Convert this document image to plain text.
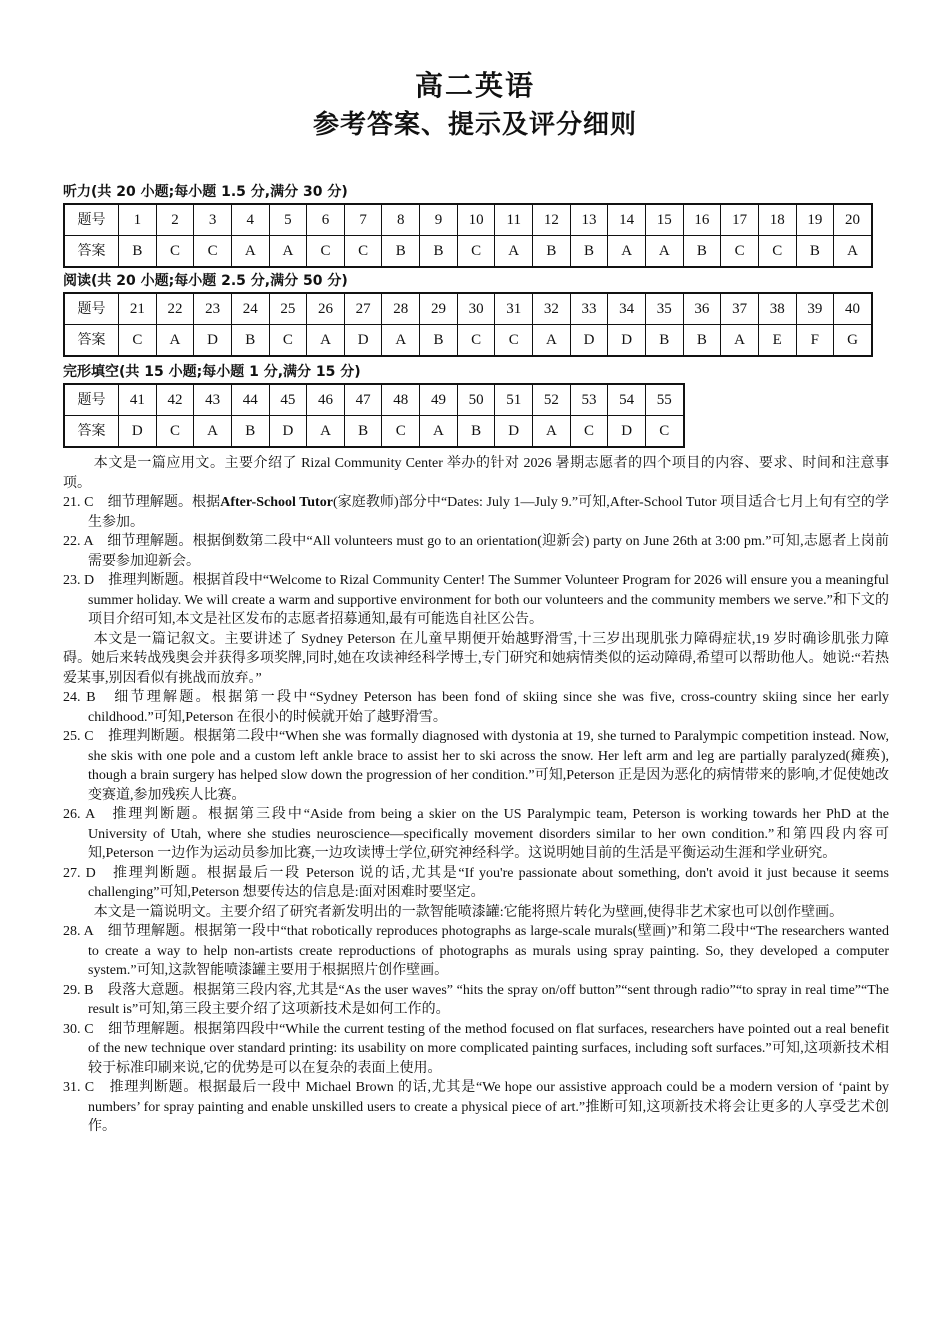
高二英语
参考答案、提示及评分细则
听力(共 20 小题;每小题 1.5 分,满分 30 分)
题号	1	2	3	4	5	6	7	8	9	10	11	12	13	14	15	16	17	18	19	20
答案	B	C	C	A	A	C	C	B	B	C	A	B	B	A	A	B	C	C	B	A
阅读(共 20 小题;每小题 2.5 分,满分 50 分)
题号	21	22	23	24	25	26	27	28	29	30	31	32	33	34	35	36	37	38	39	40
答案	C	A	D	B	C	A	D	A	B	C	C	A	D	D	B	B	A	E	F	G
完形填空(共 15 小题;每小题 1 分,满分 15 分)
题号	41	42	43	44	45	46	47	48	49	50	51	52	53	54	55
答案	D	C	A	B	D	A	B	C	A	B	D	A	C	D	C
本文是一篇应用文。主要介绍了 Rizal Community Center 举办的针对 2026 暑期志愿者的四个项目的内容、要求、时间和注意事项。
21. C　细节理解题。根据After-School Tutor(家庭教师)部分中“Dates: July 1—July 9.”可知,After-School Tutor 项目适合七月上旬有空的学生参加。
22. A　细节理解题。根据倒数第二段中“All volunteers must go to an orientation(迎新会) party on June 26th at 3:00 pm.”可知,志愿者上岗前需要参加迎新会。
23. D　推理判断题。根据首段中“Welcome to Rizal Community Center! The Summer Volunteer Program for 2026 will ensure you a meaningful summer holiday. We will create a warm and supportive environment for both our volunteers and the community members we serve.”和下文的项目介绍可知,本文是社区发布的志愿者招募通知,最有可能选自社区公告。
本文是一篇记叙文。主要讲述了 Sydney Peterson 在儿童早期便开始越野滑雪,十三岁出现肌张力障碍症状,19 岁时确诊肌张力障碍。她后来转战残奥会并获得多项奖牌,同时,她在攻读神经科学博士,专门研究和她病情类似的运动障碍,希望可以帮助他人。她说:“若热爱某事,别因看似有挑战而放弃。”
24. B　细节理解题。根据第一段中“Sydney Peterson has been fond of skiing since she was five, cross-country skiing since her early childhood.”可知,Peterson 在很小的时候就开始了越野滑雪。
25. C　推理判断题。根据第二段中“When she was formally diagnosed with dystonia at 19, she turned to Paralympic competition instead. Now, she skis with one pole and a custom left ankle brace to assist her to ski across the snow. Her left arm and leg are partially paralyzed(瘫痪), though a brain surgery has helped slow down the progression of her condition.”可知,Peterson 正是因为恶化的病情带来的影响,才促使她改变赛道,参加残疾人比赛。
26. A　推理判断题。根据第三段中“Aside from being a skier on the US Paralympic team, Peterson is working towards her PhD at the University of Utah, where she studies neuroscience—specifically movement disorders similar to her own condition.”和第四段内容可知,Peterson 一边作为运动员参加比赛,一边攻读博士学位,研究神经科学。这说明她目前的生活是平衡运动生涯和学业研究。
27. D　推理判断题。根据最后一段 Peterson 说的话,尤其是“If you're passionate about something, don't avoid it just because it seems challenging”可知,Peterson 想要传达的信息是:面对困难时要坚定。
本文是一篇说明文。主要介绍了研究者新发明出的一款智能喷漆罐:它能将照片转化为壁画,使得非艺术家也可以创作壁画。
28. A　细节理解题。根据第一段中“that robotically reproduces photographs as large-scale murals(壁画)”和第二段中“The researchers wanted to create a way to help non-artists create reproductions of photographs as murals using spray painting. So, they developed a computer system.”可知,这款智能喷漆罐主要用于根据照片创作壁画。
29. B　段落大意题。根据第三段内容,尤其是“As the user waves” “hits the spray on/off button”“sent through radio”“to spray in real time”“The result is”可知,第三段主要介绍了这项新技术是如何工作的。
30. C　细节理解题。根据第四段中“While the current testing of the method focused on flat surfaces, researchers have pointed out a real benefit of the new technique over standard printing: its usability on more complicated painting surfaces, including soft surfaces.”可知,这项新技术相较于标准印刷来说,它的优势是可以在复杂的表面上使用。
31. C　推理判断题。根据最后一段中 Michael Brown 的话,尤其是“We hope our assistive approach could be a modern version of ‘paint by numbers’ for spray painting and enable unskilled users to create a physical piece of art.”推断可知,这项新技术将会让更多的人享受艺术创作。
